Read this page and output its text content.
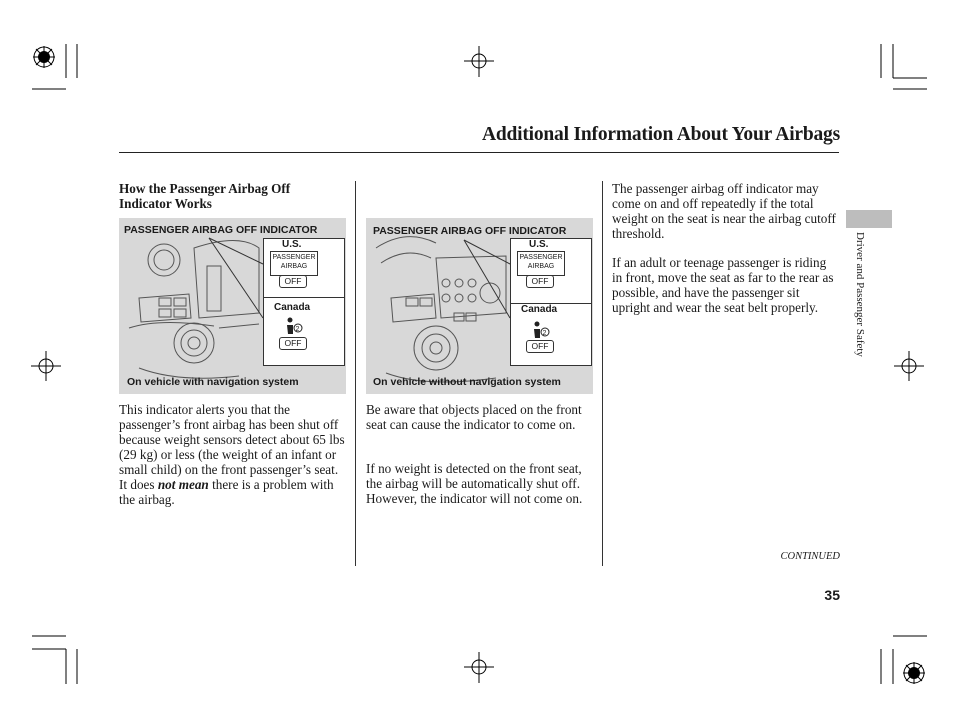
Additional Information About Your Airbags
How the Passenger Airbag Off Indicator Works
PASSENGER AIRBAG OFF INDICATOR
U.S.
PASSENGER AIRBAG
OFF
Canada
2
OFF
On vehicle with navigation system
This indicator alerts you that the passenger’s front airbag has been shut off because weight sensors detect about 65 lbs (29 kg) or less (the weight of an infant or small child) on the front passenger’s seat. It does not mean there is a problem with the airbag.
PASSENGER AIRBAG OFF INDICATOR
U.S.
PASSENGER AIRBAG
OFF
Canada
2
OFF
On vehicle without navigation system
Be aware that objects placed on the front seat can cause the indicator to come on.
If no weight is detected on the front seat, the airbag will be automatically shut off. However, the indicator will not come on.
The passenger airbag off indicator may come on and off repeatedly if the total weight on the seat is near the airbag cutoff threshold.
If an adult or teenage passenger is riding in front, move the seat as far to the rear as possible, and have the passenger sit upright and wear the seat belt properly.	Driver and Passenger Safety
CONTINUED
35
